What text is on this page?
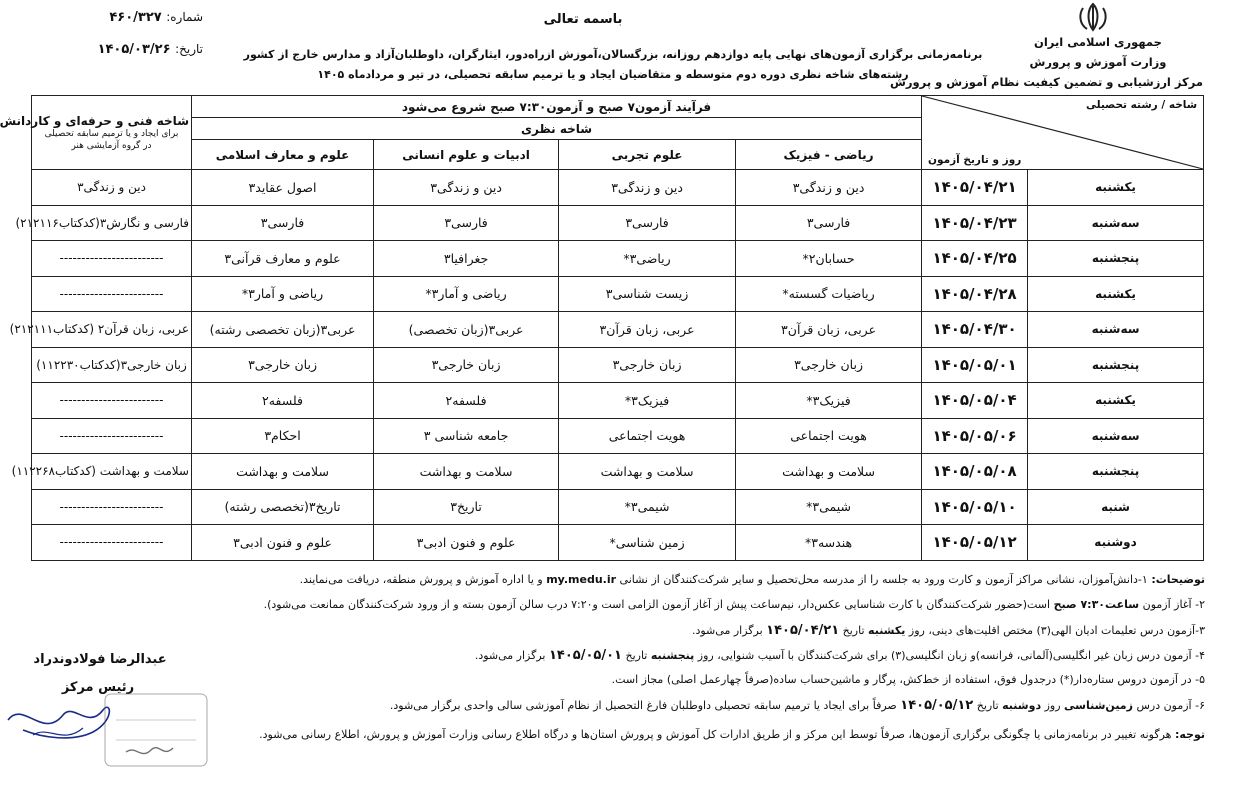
جمهوری اسلامی ایران
وزارت آموزش و پرورش
مرکز ارزشیابی و تضمین کیفیت نظام آموزش و پرورش
باسمه تعالی
شماره: ۴۶۰/۳۲۷
تاریخ: ۱۴۰۵/۰۳/۲۶	برنامه‌زمانی برگزاری آزمون‌های نهایی پایه دوازدهم روزانه، بزرگسالان،آموزش ازراه‌دور، ایثارگران، داوطلبان‌آزاد و مدارس خارج از کشور
رشته‌های شاخه نظری دوره دوم متوسطه و متقاضیان ایجاد و یا ترمیم سابقه تحصیلی، در تیر و مردادماه ۱۴۰۵
شاخه / رشته تحصیلی
روز و تاریخ آزمون		فرآیند آزمون۷ صبح و آزمون۷:۳۰ صبح شروع می‌شود				شاخه فنی و حرفه‌ای و کاردانش
برای ایجاد و یا ترمیم سابقه تحصیلی در گروه آزمایشی هنر

		شاخه نظری				
		ریاضی - فیزیک	علوم تجربی	ادبیات و علوم انسانی	علوم و معارف اسلامی	
یکشنبه	۱۴۰۵/۰۴/۲۱	دین و زندگی۳	دین و زندگی۳	دین و زندگی۳	اصول عقاید۳	دین و زندگی۳
سه‌شنبه	۱۴۰۵/۰۴/۲۳	فارسی۳	فارسی۳	فارسی۳	فارسی۳	فارسی و نگارش۳(کدکتاب۲۱۲۱۱۶)
پنجشنبه	۱۴۰۵/۰۴/۲۵	حسابان۲*	ریاضی۳*	جغرافیا۳	علوم و معارف قرآنی۳	------------------------
یکشنبه	۱۴۰۵/۰۴/۲۸	ریاضیات گسسته*	زیست شناسی۳	ریاضی و آمار۳*	ریاضی و آمار۳*	------------------------
سه‌شنبه	۱۴۰۵/۰۴/۳۰	عربی، زبان قرآن۳	عربی، زبان قرآن۳	عربی۳(زبان تخصصی)	عربی۳(زبان تخصصی رشته)	عربی، زبان قرآن۲ (کدکتاب۲۱۲۱۱۱)
پنجشنبه	۱۴۰۵/۰۵/۰۱	زبان خارجی۳	زبان خارجی۳	زبان خارجی۳	زبان خارجی۳	زبان خارجی۳(کدکتاب۱۱۲۲۳۰)
یکشنبه	۱۴۰۵/۰۵/۰۴	فیزیک۳*	فیزیک۳*	فلسفه۲	فلسفه۲	------------------------
سه‌شنبه	۱۴۰۵/۰۵/۰۶	هویت اجتماعی	هویت اجتماعی	جامعه شناسی ۳	احکام۳	------------------------
پنجشنبه	۱۴۰۵/۰۵/۰۸	سلامت و بهداشت	سلامت و بهداشت	سلامت و بهداشت	سلامت و بهداشت	سلامت و بهداشت (کدکتاب۱۱۲۲۶۸)
شنبه	۱۴۰۵/۰۵/۱۰	شیمی۳*	شیمی۳*	تاریخ۳	تاریخ۳(تخصصی رشته)	------------------------
دوشنبه	۱۴۰۵/۰۵/۱۲	هندسه۳*	زمین شناسی*	علوم و فنون ادبی۳	علوم و فنون ادبی۳	------------------------
توضیحات: ۱-دانش‌آموزان، نشانی مراکز آزمون و کارت ورود به جلسه را از مدرسه محل‌تحصیل و سایر شرکت‌کنندگان از نشانی my.medu.ir و یا اداره آموزش و پرورش منطقه، دریافت می‌نمایند.
۲- آغاز آزمون ساعت۷:۳۰ صبح است(حضور شرکت‌کنندگان با کارت شناسایی عکس‌دار، نیم‌ساعت پیش از آغاز آزمون الزامی است و۷:۲۰ درب سالن آزمون بسته و از ورود شرکت‌کنندگان ممانعت می‌شود).
۳-آزمون درس تعلیمات ادیان الهی(۳) مختص اقلیت‌های دینی، روز یکشنبه تاریخ ۱۴۰۵/۰۴/۲۱ برگزار می‌شود.
۴- آزمون درس زبان غیر انگلیسی(آلمانی، فرانسه)و زبان انگلیسی(۳) برای شرکت‌کنندگان با آسیب شنوایی، روز پنجشنبه تاریخ ۱۴۰۵/۰۵/۰۱ برگزار می‌شود.
۵- در آزمون دروس ستاره‌دار(*) درجدول فوق، استفاده از خط‌کش، پرگار و ماشین‌حساب ساده(صرفاً چهارعمل اصلی) مجاز است.
۶- آزمون درس زمین‌شناسی روز دوشنبه تاریخ ۱۴۰۵/۰۵/۱۲ صرفاً برای ایجاد یا ترمیم سابقه تحصیلی داوطلبان فارغ التحصیل از نظام آموزشی سالی واحدی برگزار می‌شود.
توجه: هرگونه تغییر در برنامه‌زمانی یا چگونگی برگزاری آزمون‌ها، صرفاً توسط این مرکز و از طریق ادارات کل آموزش و پرورش استان‌ها و درگاه اطلاع رسانی وزارت آموزش و پرورش، اطلاع رسانی می‌شود.
عبدالرضا فولادوندراد
رئیس مرکز
